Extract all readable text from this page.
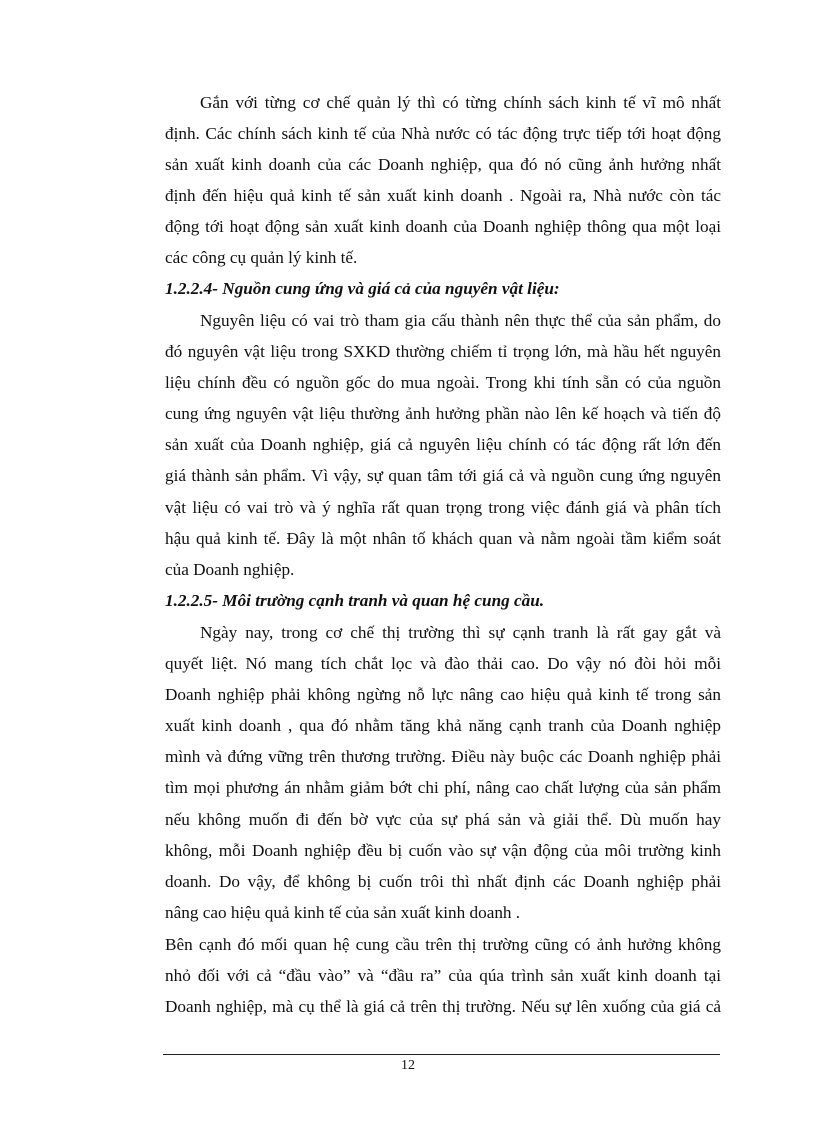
Gắn với từng cơ chế quản lý thì có từng chính sách kinh tế vĩ mô nhất
định. Các chính sách kinh tế của Nhà nước có tác động trực tiếp tới hoạt động
sản xuất kinh doanh của các Doanh nghiệp, qua đó nó cũng ảnh hưởng nhất
định đến hiệu quả kinh tế sản xuất kinh doanh . Ngoài ra, Nhà nước còn tác
động tới hoạt động sản xuất kinh doanh của Doanh nghiệp thông qua một loại
các công cụ quản lý kinh tế.
1.2.2.4- Nguồn cung ứng và giá cả của nguyên vật liệu:
Nguyên liệu có vai trò tham gia cấu thành nên thực thể của sản phẩm, do
đó nguyên vật liệu trong SXKD thường chiếm tỉ trọng lớn, mà hầu hết nguyên
liệu chính đều có nguồn gốc do mua ngoài. Trong khi tính sẵn có của nguồn
cung ứng nguyên vật liệu thường ảnh hưởng phần nào lên kế hoạch và tiến độ
sản xuất của Doanh nghiệp, giá cả nguyên liệu chính có tác động rất lớn đến
giá thành sản phẩm. Vì vậy, sự quan tâm tới giá cả và nguồn cung ứng nguyên
vật liệu có vai trò và ý nghĩa rất quan trọng trong việc đánh giá và phân tích
hậu quả kinh tế. Đây là một nhân tố khách quan và nằm ngoài tầm kiểm soát
của Doanh nghiệp.
1.2.2.5- Môi trường cạnh tranh và quan hệ cung cầu.
Ngày nay, trong cơ chế thị trường thì sự cạnh tranh là rất gay gắt và
quyết liệt. Nó mang tích chắt lọc và đào thải cao. Do vậy nó đòi hỏi mỗi
Doanh nghiệp phải không ngừng nỗ lực nâng cao hiệu quả kinh tế trong sản
xuất kinh doanh , qua đó nhằm tăng khả năng cạnh tranh của Doanh nghiệp
mình và đứng vững trên thương trường. Điều này buộc các Doanh nghiệp phải
tìm mọi phương án nhằm giảm bớt chi phí, nâng cao chất lượng của sản phẩm
nếu không muốn đi đến bờ vực của sự phá sản và giải thể. Dù muốn hay
không, mỗi Doanh nghiệp đều bị cuốn vào sự vận động của môi trường kinh
doanh. Do vậy, để không bị cuốn trôi thì nhất định các Doanh nghiệp phải
nâng cao hiệu quả kinh tế của sản xuất kinh doanh .
Bên cạnh đó mối quan hệ cung cầu trên thị trường cũng có ảnh hưởng không
nhỏ đối với cả “đầu vào” và “đầu ra” của qúa trình sản xuất kinh doanh tại
Doanh nghiệp, mà cụ thể là giá cả trên thị trường. Nếu sự lên xuống của giá cả
12
